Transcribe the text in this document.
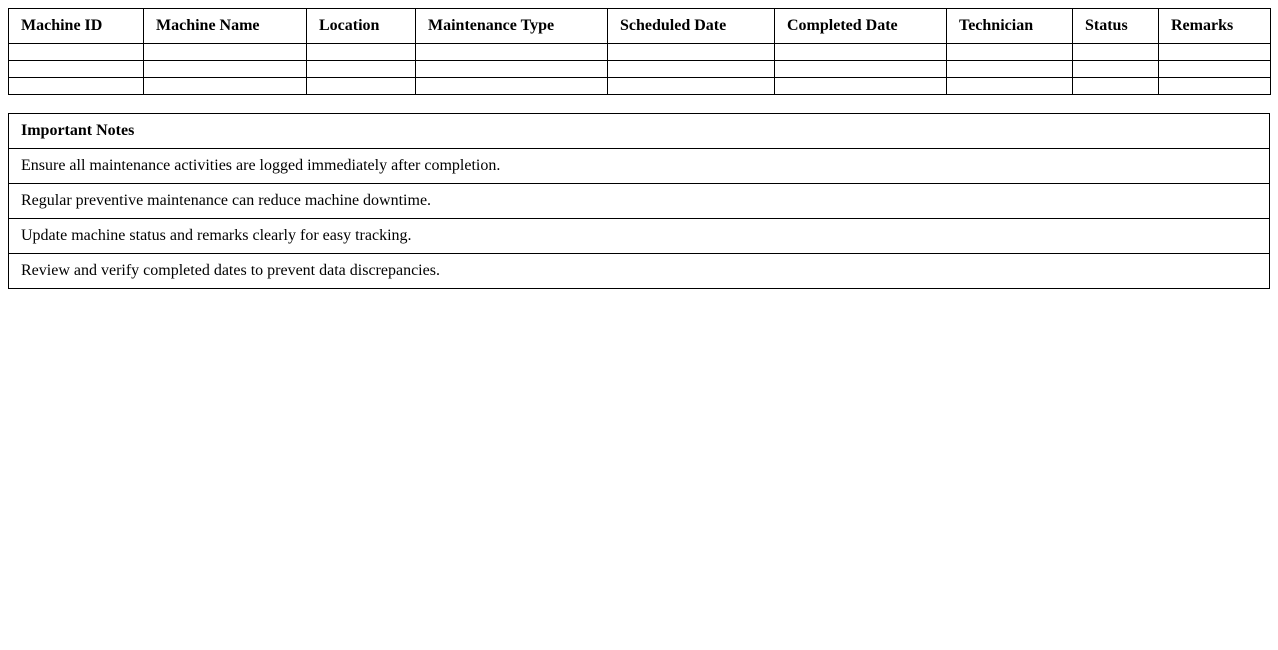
Machine ID	Machine Name	Location	Maintenance Type	Scheduled Date	Completed Date	Technician	Status	Remarks

Important Notes
Ensure all maintenance activities are logged immediately after completion.
Regular preventive maintenance can reduce machine downtime.
Update machine status and remarks clearly for easy tracking.
Review and verify completed dates to prevent data discrepancies.
